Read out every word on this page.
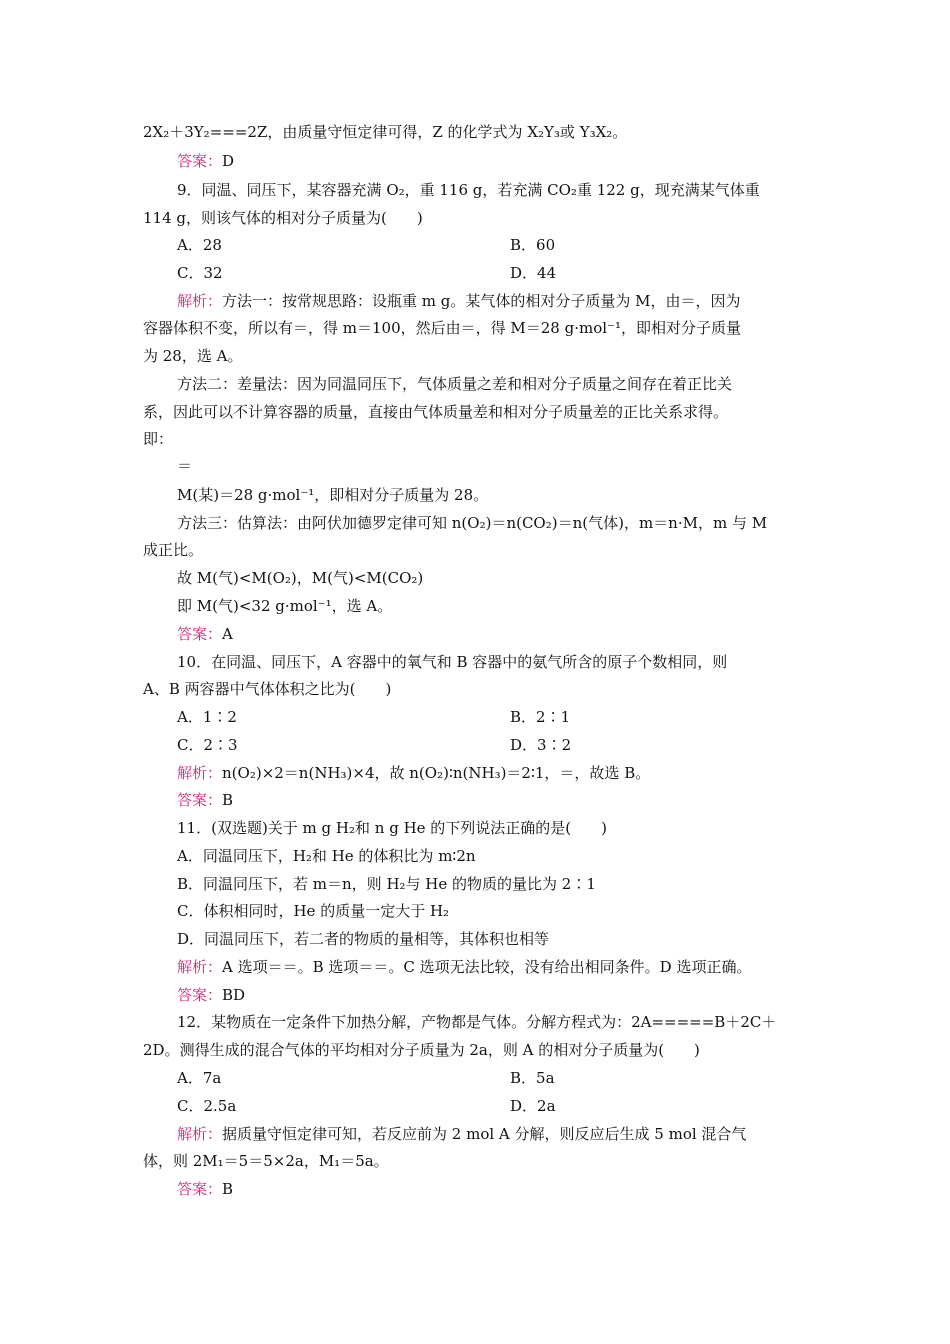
2X₂＋3Y₂===2Z，由质量守恒定律可得，Z 的化学式为 X₂Y₃或 Y₃X₂。
答案：D
9．同温、同压下，某容器充满 O₂，重 116 g，若充满 CO₂重 122 g，现充满某气体重
114 g，则该气体的相对分子质量为(　　)
A．28	B．60
C．32	D．44
解析：方法一：按常规思路：设瓶重 m g。某气体的相对分子质量为 M，由＝，因为
容器体积不变，所以有＝，得 m＝100，然后由＝，得 M＝28 g·mol⁻¹，即相对分子质量
为 28，选 A。
方法二：差量法：因为同温同压下，气体质量之差和相对分子质量之间存在着正比关
系，因此可以不计算容器的质量，直接由气体质量差和相对分子质量差的正比关系求得。
即：
＝
M(某)＝28 g·mol⁻¹，即相对分子质量为 28。
方法三：估算法：由阿伏加德罗定律可知 n(O₂)＝n(CO₂)＝n(气体)，m＝n·M，m 与 M
成正比。
故 M(气)<M(O₂)，M(气)<M(CO₂)
即 M(气)<32 g·mol⁻¹，选 A。
答案：A
10．在同温、同压下，A 容器中的氧气和 B 容器中的氨气所含的原子个数相同，则
A、B 两容器中气体体积之比为(　　)
A．1∶2	B．2∶1
C．2∶3	D．3∶2
解析：n(O₂)×2＝n(NH₃)×4，故 n(O₂)∶n(NH₃)＝2∶1，＝，故选 B。
答案：B
11．(双选题)关于 m g H₂和 n g He 的下列说法正确的是(　　)
A．同温同压下，H₂和 He 的体积比为 m∶2n
B．同温同压下，若 m＝n，则 H₂与 He 的物质的量比为 2∶1
C．体积相同时，He 的质量一定大于 H₂
D．同温同压下，若二者的物质的量相等，其体积也相等
解析：A 选项＝＝。B 选项＝＝。C 选项无法比较，没有给出相同条件。D 选项正确。
答案：BD
12．某物质在一定条件下加热分解，产物都是气体。分解方程式为：2A=====B＋2C＋
2D。测得生成的混合气体的平均相对分子质量为 2a，则 A 的相对分子质量为(　　)
A．7a	B．5a
C．2.5a	D．2a
解析：据质量守恒定律可知，若反应前为 2 mol A 分解，则反应后生成 5 mol 混合气
体，则 2M₁＝5＝5×2a，M₁＝5a。
答案：B
